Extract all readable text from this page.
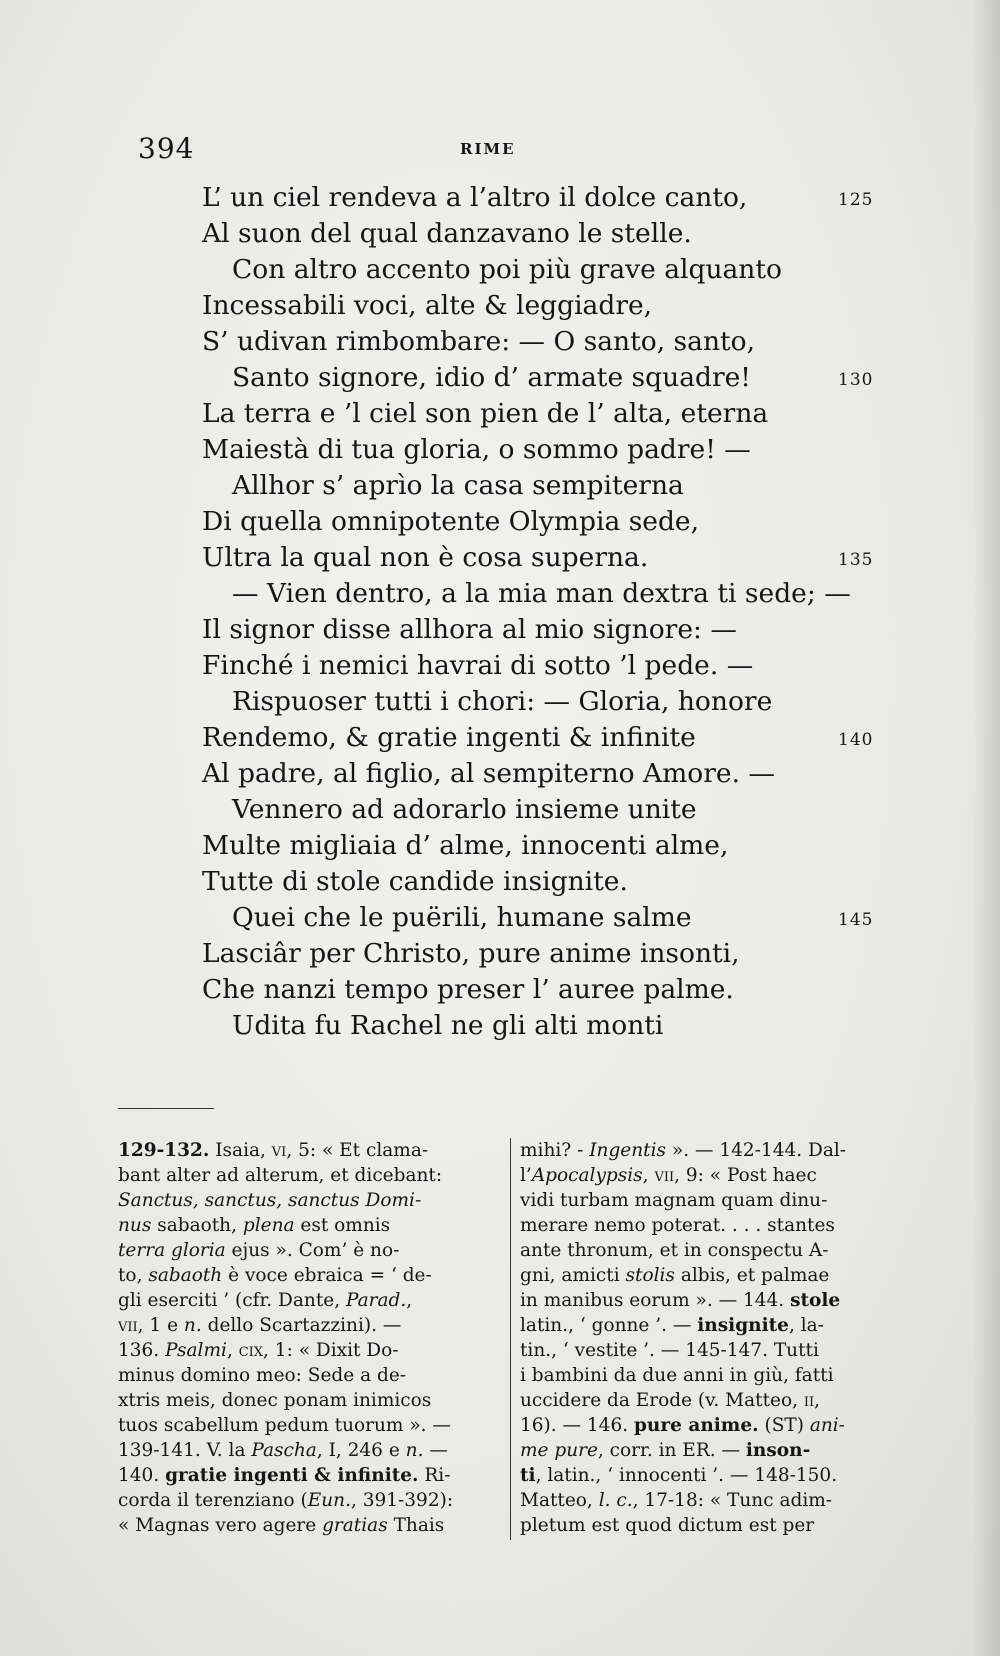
394	RIME
L’ un ciel rendeva a l’altro il dolce canto,	125
Al suon del qual danzavano le stelle.
Con altro accento poi più grave alquanto
Incessabili voci, alte & leggiadre,
S’ udivan rimbombare: — O santo, santo,
Santo signore, idio d’ armate squadre!	130
La terra e ’l ciel son pien de l’ alta, eterna
Maiestà di tua gloria, o sommo padre! —
Allhor s’ aprìo la casa sempiterna
Di quella omnipotente Olympia sede,
Ultra la qual non è cosa superna.	135
— Vien dentro, a la mia man dextra ti sede; —
Il signor disse allhora al mio signore: —
Finché i nemici havrai di sotto ’l pede. —
Rispuoser tutti i chori: — Gloria, honore
Rendemo, & gratie ingenti & infinite	140
Al padre, al figlio, al sempiterno Amore. —
Vennero ad adorarlo insieme unite
Multe migliaia d’ alme, innocenti alme,
Tutte di stole candide insignite.
Quei che le puërili, humane salme	145
Lasciâr per Christo, pure anime insonti,
Che nanzi tempo preser l’ auree palme.
Udita fu Rachel ne gli alti monti
129-132. Isaia, vi, 5: « Et clama-
bant alter ad alterum, et dicebant:
Sanctus, sanctus, sanctus Domi-
nus sabaoth, plena est omnis
terra gloria ejus ». Com’ è no-
to, sabaoth è voce ebraica = ‘ de-
gli eserciti ’ (cfr. Dante, Parad.,
vii, 1 e n. dello Scartazzini). —
136. Psalmi, cix, 1: « Dixit Do-
minus domino meo: Sede a de-
xtris meis, donec ponam inimicos
tuos scabellum pedum tuorum ». —
139-141. V. la Pascha, I, 246 e n. —
140. gratie ingenti & infinite. Ri-
corda il terenziano (Eun., 391-392):
« Magnas vero agere gratias Thais
mihi? - Ingentis ». — 142-144. Dal-
l’Apocalypsis, vii, 9: « Post haec
vidi turbam magnam quam dinu-
merare nemo poterat. . . . stantes
ante thronum, et in conspectu A-
gni, amicti stolis albis, et palmae
in manibus eorum ». — 144. stole
latin., ‘ gonne ’. — insignite, la-
tin., ‘ vestite ’. — 145-147. Tutti
i bambini da due anni in giù, fatti
uccidere da Erode (v. Matteo, ii,
16). — 146. pure anime. (ST) ani-
me pure, corr. in ER. — inson-
ti, latin., ‘ innocenti ’. — 148-150.
Matteo, l. c., 17-18: « Tunc adim-
pletum est quod dictum est per
